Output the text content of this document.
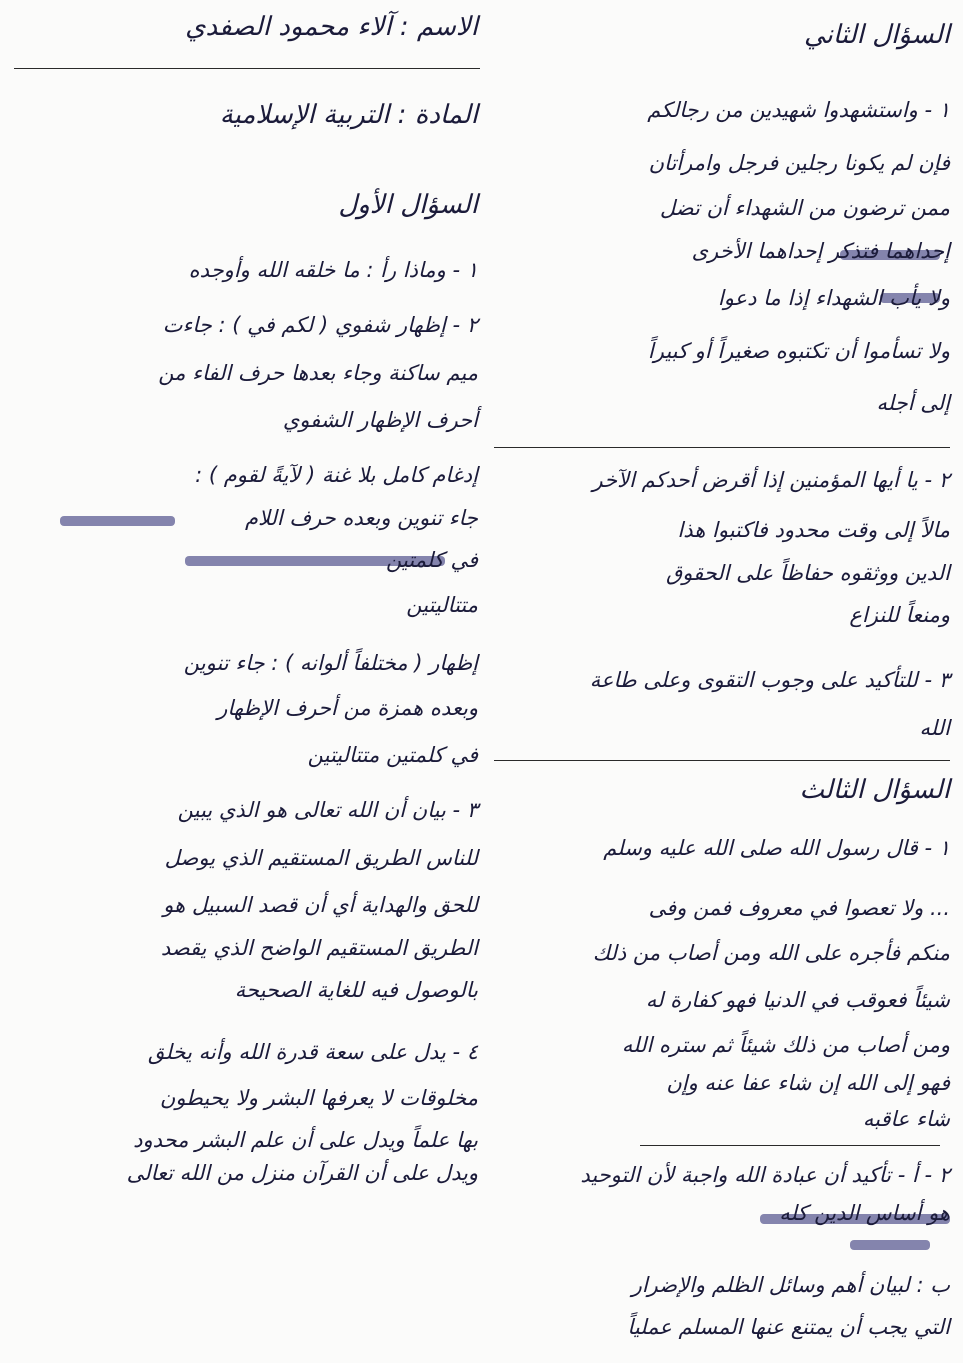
السؤال الثاني
١ - واستشهدوا شهيدين من رجالكم
فإن لم يكونا رجلين فرجل وامرأتان
ممن ترضون من الشهداء أن تضل
إحداهما فتذكر إحداهما الأخرى
ولا يأب الشهداء إذا ما دعوا
ولا تسأموا أن تكتبوه صغيراً أو كبيراً
إلى أجله
٢ - يا أيها المؤمنين إذا أقرض أحدكم الآخر
مالاً إلى وقت محدود فاكتبوا هذا
الدين ووثقوه حفاظاً على الحقوق
ومنعاً للنزاع
٣ - للتأكيد على وجوب التقوى وعلى طاعة
الله
السؤال الثالث
١ - قال رسول الله صلى الله عليه وسلم
... ولا تعصوا في معروف فمن وفى
منكم فأجره على الله ومن أصاب من ذلك
شيئاً فعوقب في الدنيا فهو كفارة له
ومن أصاب من ذلك شيئاً ثم ستره الله
فهو إلى الله إن شاء عفا عنه وإن
شاء عاقبه
٢ - أ - تأكيد أن عبادة الله واجبة لأن التوحيد
هو أساس الدين كله
ب : لبيان أهم وسائل الظلم والإضرار
التي يجب أن يمتنع عنها المسلم عملياً
الاسم : آلاء محمود الصفدي
المادة : التربية الإسلامية
السؤال الأول
١ - وماذا رأ : ما خلقه الله وأوجده
٢ - إظهار شفوي ( لكم في ) : جاءت
ميم ساكنة وجاء بعدها حرف الفاء من
أحرف الإظهار الشفوي
إدغام كامل بلا غنة ( لآيةً لقوم ) :
جاء تنوين وبعده حرف اللام
في كلمتين
متتاليتين
إظهار ( مختلفاً ألوانه ) : جاء تنوين
وبعده همزة من أحرف الإظهار
في كلمتين متتاليتين
٣ - بيان أن الله تعالى هو الذي يبين
للناس الطريق المستقيم الذي يوصل
للحق والهداية أي أن قصد السبيل هو
الطريق المستقيم الواضح الذي يقصد
بالوصول فيه للغاية الصحيحة
٤ - يدل على سعة قدرة الله وأنه يخلق
مخلوقات لا يعرفها البشر ولا يحيطون
بها علماً ويدل على أن علم البشر محدود
ويدل على أن القرآن منزل من الله تعالى
